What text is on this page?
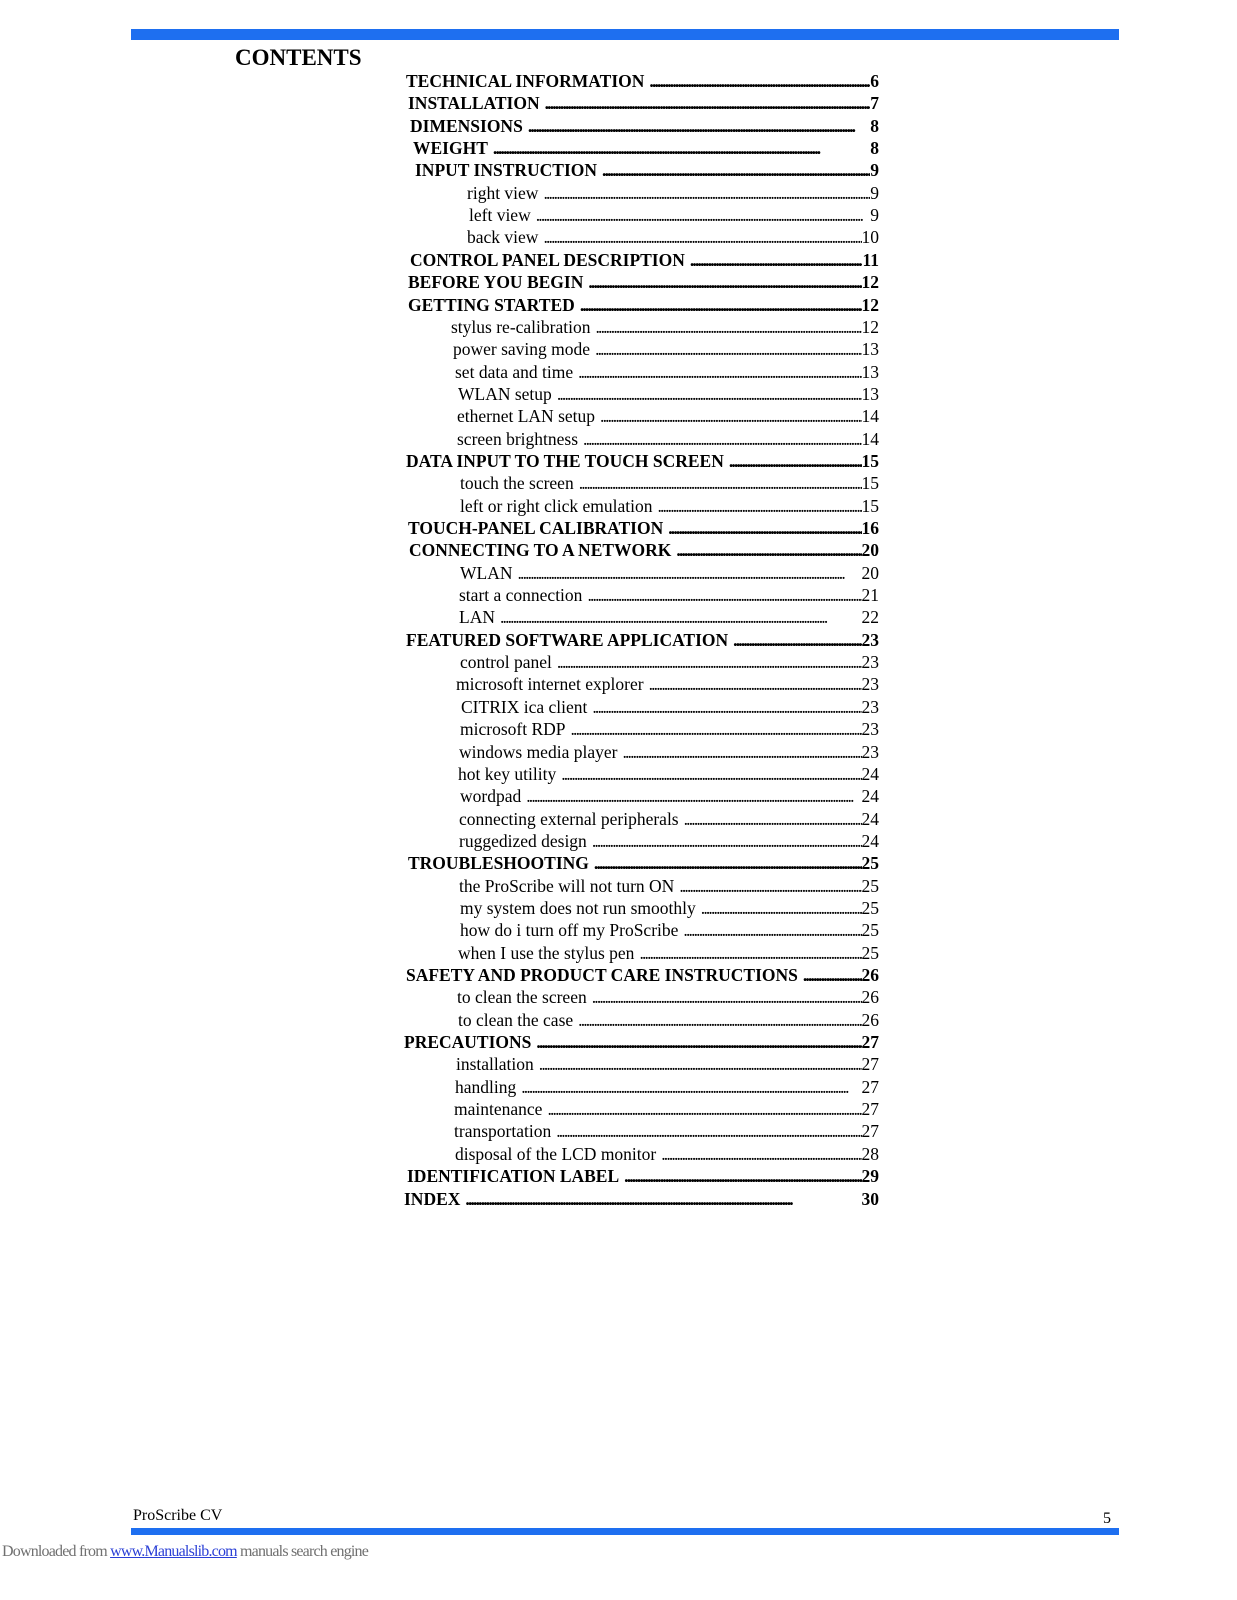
CONTENTS
TECHNICAL INFORMATION . . .	6
INSTALLATION . . .	7
DIMENSIONS . . .	8
WEIGHT . . .	8
INPUT INSTRUCTION . . .	9
right view . . .	9
left view . . .	9
back view . . .	10
CONTROL PANEL DESCRIPTION . . .	11
BEFORE YOU BEGIN . . .	12
GETTING STARTED . . .	12
stylus re-calibration . . .	12
power saving mode . . .	13
set data and time . . .	13
WLAN setup . . .	13
ethernet LAN setup . . .	14
screen brightness . . .	14
DATA INPUT TO THE TOUCH SCREEN . . .	15
touch the screen . . .	15
left or right click emulation . . .	15
TOUCH-PANEL CALIBRATION . . .	16
CONNECTING TO A NETWORK . . .	20
WLAN . . .	20
start a connection . . .	21
LAN . . .	22
FEATURED SOFTWARE APPLICATION . . .	23
control panel . . .	23
microsoft internet explorer . . .	23
CITRIX ica client . . .	23
microsoft RDP . . .	23
windows media player . . .	23
hot key utility . . .	24
wordpad . . .	24
connecting external peripherals . . .	24
ruggedized design . . .	24
TROUBLESHOOTING . . .	25
the ProScribe will not turn ON . . .	25
my system does not run smoothly . . .	25
how do i turn off my ProScribe . . .	25
when I use the stylus pen . . .	25
SAFETY AND PRODUCT CARE INSTRUCTIONS . . .	26
to clean the screen . . .	26
to clean the case . . .	26
PRECAUTIONS . . .	27
installation . . .	27
handling . . .	27
maintenance . . .	27
transportation . . .	27
disposal of the LCD monitor . . .	28
IDENTIFICATION LABEL . . .	29
INDEX . . .	30
ProScribe CV	5
Downloaded from www.Manualslib.com manuals search engine
